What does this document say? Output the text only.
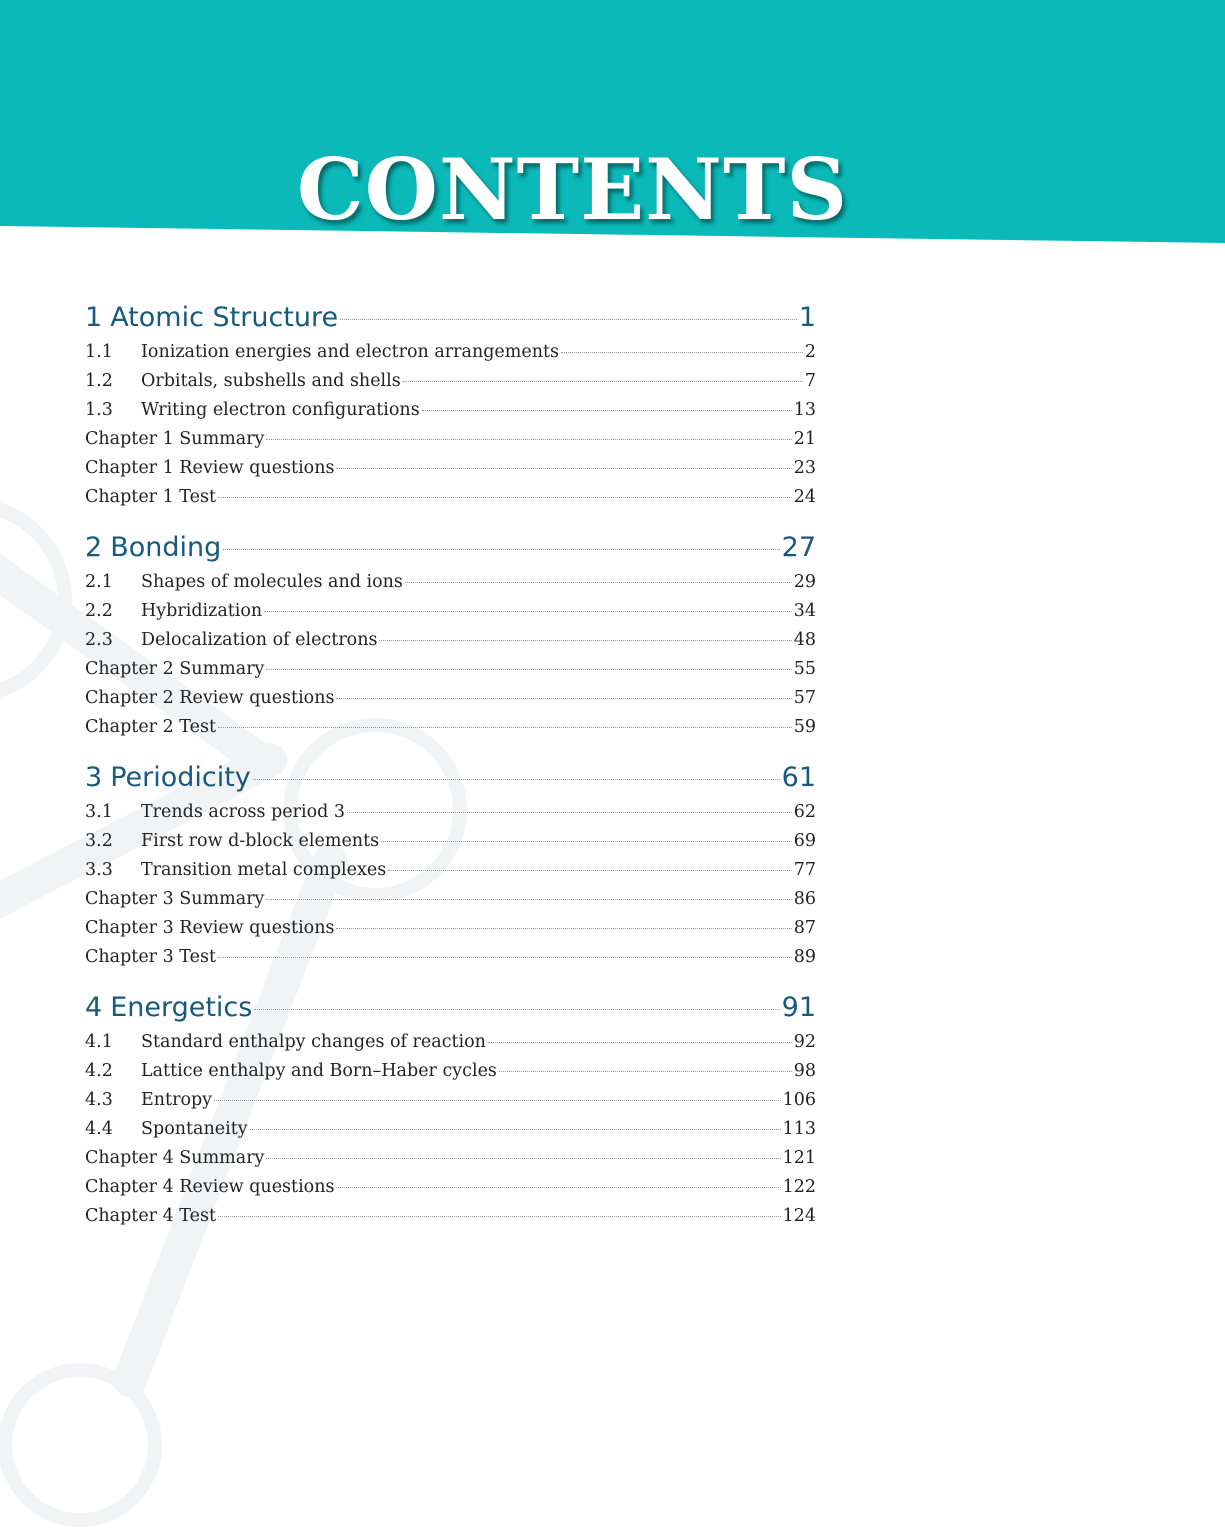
CONTENTS
1 Atomic Structure	1
1.1	Ionization energies and electron arrangements	2
1.2	Orbitals, subshells and shells	7
1.3	Writing electron configurations	13
Chapter 1 Summary	21
Chapter 1 Review questions	23
Chapter 1 Test	24
2 Bonding	27
2.1	Shapes of molecules and ions	29
2.2	Hybridization	34
2.3	Delocalization of electrons	48
Chapter 2 Summary	55
Chapter 2 Review questions	57
Chapter 2 Test	59
3 Periodicity	61
3.1	Trends across period 3	62
3.2	First row d-block elements	69
3.3	Transition metal complexes	77
Chapter 3 Summary	86
Chapter 3 Review questions	87
Chapter 3 Test	89
4 Energetics	91
4.1	Standard enthalpy changes of reaction	92
4.2	Lattice enthalpy and Born–Haber cycles	98
4.3	Entropy	106
4.4	Spontaneity	113
Chapter 4 Summary	121
Chapter 4 Review questions	122
Chapter 4 Test	124
